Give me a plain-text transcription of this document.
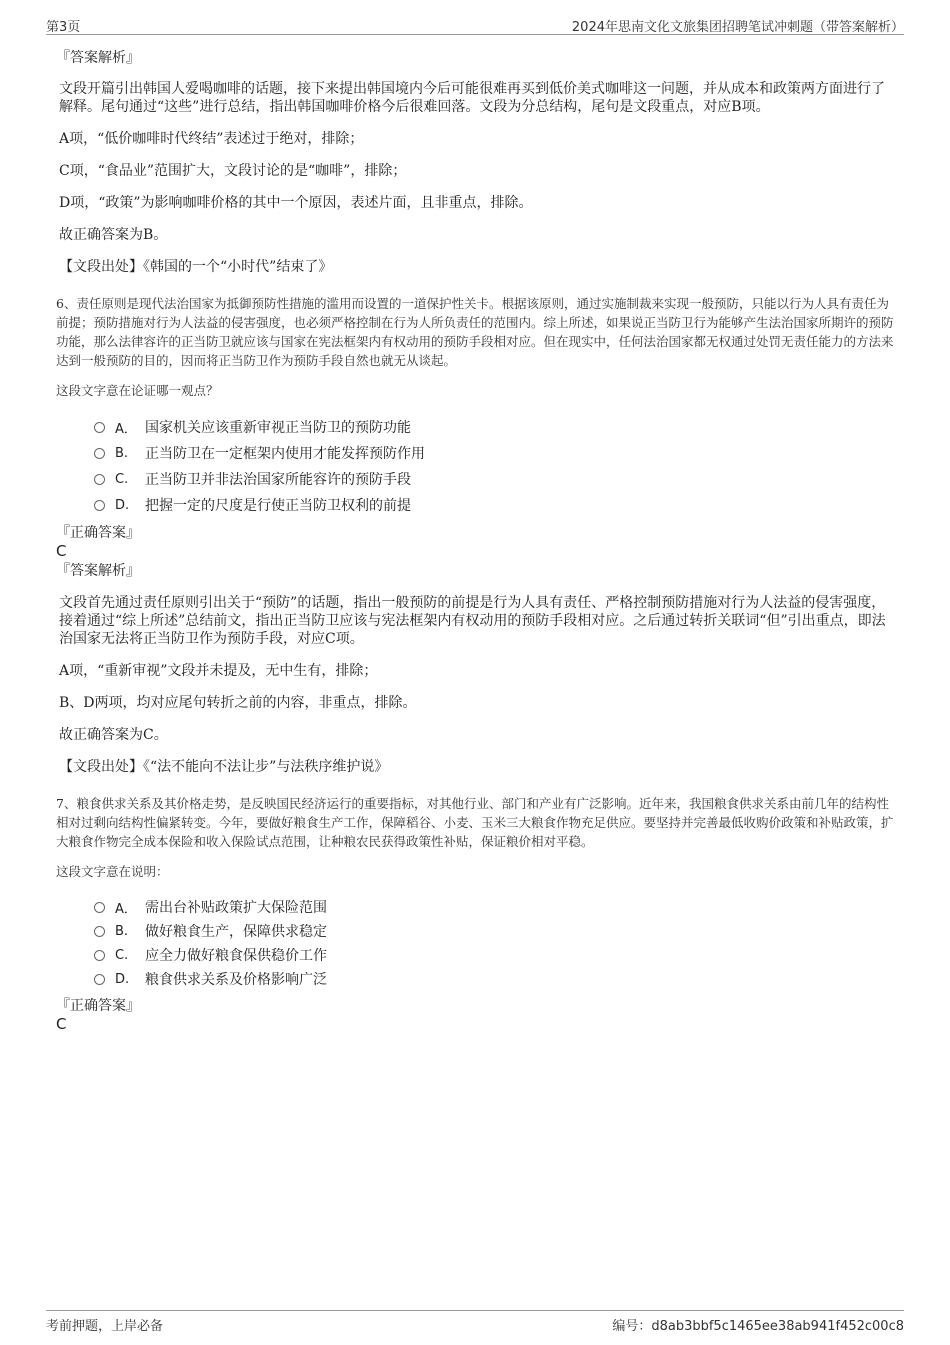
第3页	2024年思南文化文旅集团招聘笔试冲刺题（带答案解析）
『答案解析』
文段开篇引出韩国人爱喝咖啡的话题，接下来提出韩国境内今后可能很难再买到低价美式咖啡这一问题，并从成本和政策两方面进行了解释。尾句通过“这些”进行总结，指出韩国咖啡价格今后很难回落。文段为分总结构，尾句是文段重点，对应B项。
A项，“低价咖啡时代终结”表述过于绝对，排除；
C项，“食品业”范围扩大，文段讨论的是“咖啡”，排除；
D项，“政策”为影响咖啡价格的其中一个原因，表述片面，且非重点，排除。
故正确答案为B。
【文段出处】《韩国的一个“小时代”结束了》
6、责任原则是现代法治国家为抵御预防性措施的滥用而设置的一道保护性关卡。根据该原则，通过实施制裁来实现一般预防，只能以行为人具有责任为前提；预防措施对行为人法益的侵害强度，也必须严格控制在行为人所负责任的范围内。综上所述，如果说正当防卫行为能够产生法治国家所期许的预防功能，那么法律容许的正当防卫就应该与国家在宪法框架内有权动用的预防手段相对应。但在现实中，任何法治国家都无权通过处罚无责任能力的方法来达到一般预防的目的，因而将正当防卫作为预防手段自然也就无从谈起。
这段文字意在论证哪一观点？
A． 国家机关应该重新审视正当防卫的预防功能
B.	正当防卫在一定框架内使用才能发挥预防作用
C.	正当防卫并非法治国家所能容许的预防手段
D.	把握一定的尺度是行使正当防卫权利的前提
『正确答案』
C
『答案解析』
文段首先通过责任原则引出关于“预防”的话题，指出一般预防的前提是行为人具有责任、严格控制预防措施对行为人法益的侵害强度，接着通过“综上所述”总结前文，指出正当防卫应该与宪法框架内有权动用的预防手段相对应。之后通过转折关联词“但”引出重点，即法治国家无法将正当防卫作为预防手段，对应C项。
A项，“重新审视”文段并未提及，无中生有，排除；
B、D两项，均对应尾句转折之前的内容，非重点，排除。
故正确答案为C。
【文段出处】《“法不能向不法让步”与法秩序维护说》
7、粮食供求关系及其价格走势，是反映国民经济运行的重要指标，对其他行业、部门和产业有广泛影响。近年来，我国粮食供求关系由前几年的结构性相对过剩向结构性偏紧转变。今年，要做好粮食生产工作，保障稻谷、小麦、玉米三大粮食作物充足供应。要坚持并完善最低收购价政策和补贴政策，扩大粮食作物完全成本保险和收入保险试点范围，让种粮农民获得政策性补贴，保证粮价相对平稳。
这段文字意在说明：
A． 需出台补贴政策扩大保险范围
B.	做好粮食生产，保障供求稳定
C.	应全力做好粮食保供稳价工作
D.	粮食供求关系及价格影响广泛
『正确答案』
C
考前押题，上岸必备	编号：d8ab3bbf5c1465ee38ab941f452c00c8
